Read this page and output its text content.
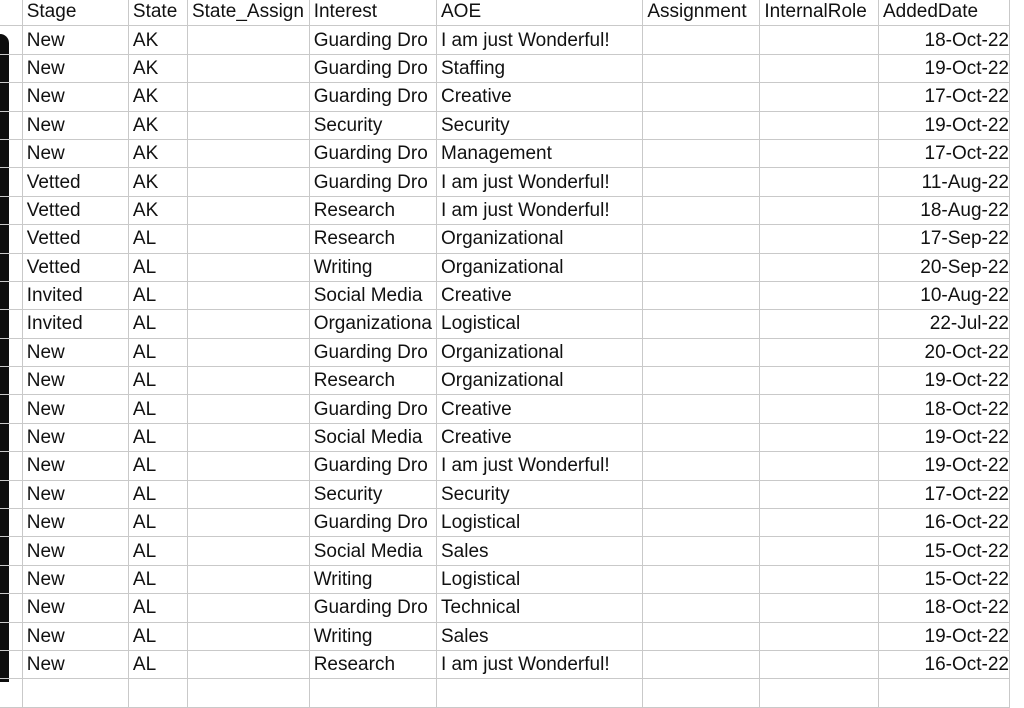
	Stage	State	State_Assign	Interest	AOE	Assignment	InternalRole	AddedDate
	New	AK		Guarding Dro	I am just Wonderful!			18-Oct-22
	New	AK		Guarding Dro	Staffing			19-Oct-22
	New	AK		Guarding Dro	Creative			17-Oct-22
	New	AK		Security	Security			19-Oct-22
	New	AK		Guarding Dro	Management			17-Oct-22
	Vetted	AK		Guarding Dro	I am just Wonderful!			11-Aug-22
	Vetted	AK		Research	I am just Wonderful!			18-Aug-22
	Vetted	AL		Research	Organizational			17-Sep-22
	Vetted	AL		Writing	Organizational			20-Sep-22
	Invited	AL		Social Media	Creative			10-Aug-22
	Invited	AL		Organizationa	Logistical			22-Jul-22
	New	AL		Guarding Dro	Organizational			20-Oct-22
	New	AL		Research	Organizational			19-Oct-22
	New	AL		Guarding Dro	Creative			18-Oct-22
	New	AL		Social Media	Creative			19-Oct-22
	New	AL		Guarding Dro	I am just Wonderful!			19-Oct-22
	New	AL		Security	Security			17-Oct-22
	New	AL		Guarding Dro	Logistical			16-Oct-22
	New	AL		Social Media	Sales			15-Oct-22
	New	AL		Writing	Logistical			15-Oct-22
	New	AL		Guarding Dro	Technical			18-Oct-22
	New	AL		Writing	Sales			19-Oct-22
	New	AL		Research	I am just Wonderful!			16-Oct-22
